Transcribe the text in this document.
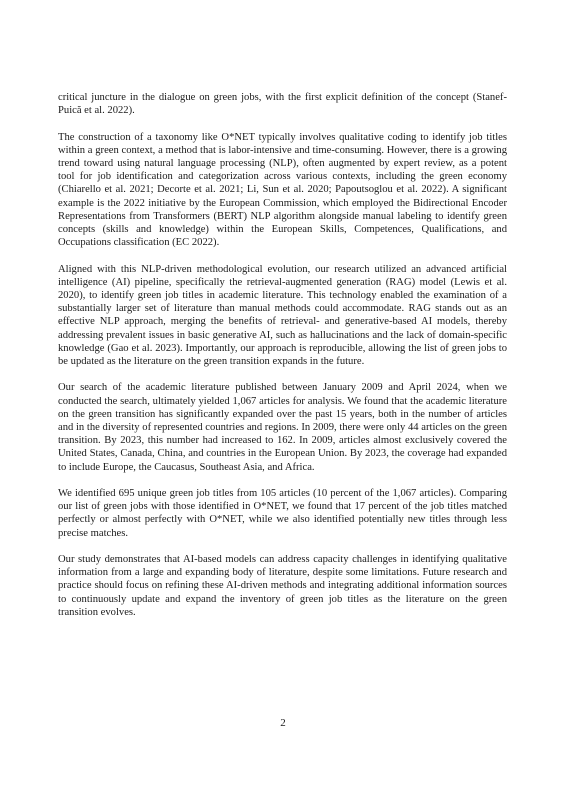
critical juncture in the dialogue on green jobs, with the first explicit definition of the concept (Stanef-Puică et al. 2022).

The construction of a taxonomy like O*NET typically involves qualitative coding to identify job titles within a green context, a method that is labor-intensive and time-consuming. However, there is a growing trend toward using natural language processing (NLP), often augmented by expert review, as a potent tool for job identification and categorization across various contexts, including the green economy (Chiarello et al. 2021; Decorte et al. 2021; Li, Sun et al. 2020; Papoutsoglou et al. 2022). A significant example is the 2022 initiative by the European Commission, which employed the Bidirectional Encoder Representations from Transformers (BERT) NLP algorithm alongside manual labeling to identify green concepts (skills and knowledge) within the European Skills, Competences, Qualifications, and Occupations classification (EC 2022).

Aligned with this NLP-driven methodological evolution, our research utilized an advanced artificial intelligence (AI) pipeline, specifically the retrieval-augmented generation (RAG) model (Lewis et al. 2020), to identify green job titles in academic literature. This technology enabled the examination of a substantially larger set of literature than manual methods could accommodate. RAG stands out as an effective NLP approach, merging the benefits of retrieval- and generative-based AI models, thereby addressing prevalent issues in basic generative AI, such as hallucinations and the lack of domain-specific knowledge (Gao et al. 2023). Importantly, our approach is reproducible, allowing the list of green jobs to be updated as the literature on the green transition expands in the future.

Our search of the academic literature published between January 2009 and April 2024, when we conducted the search, ultimately yielded 1,067 articles for analysis. We found that the academic literature on the green transition has significantly expanded over the past 15 years, both in the number of articles and in the diversity of represented countries and regions. In 2009, there were only 44 articles on the green transition. By 2023, this number had increased to 162. In 2009, articles almost exclusively covered the United States, Canada, China, and countries in the European Union. By 2023, the coverage had expanded to include Europe, the Caucasus, Southeast Asia, and Africa.

We identified 695 unique green job titles from 105 articles (10 percent of the 1,067 articles). Comparing our list of green jobs with those identified in O*NET, we found that 17 percent of the job titles matched perfectly or almost perfectly with O*NET, while we also identified potentially new titles through less precise matches.

Our study demonstrates that AI-based models can address capacity challenges in identifying qualitative information from a large and expanding body of literature, despite some limitations. Future research and practice should focus on refining these AI-driven methods and integrating additional information sources to continuously update and expand the inventory of green job titles as the literature on the green transition evolves.

2
